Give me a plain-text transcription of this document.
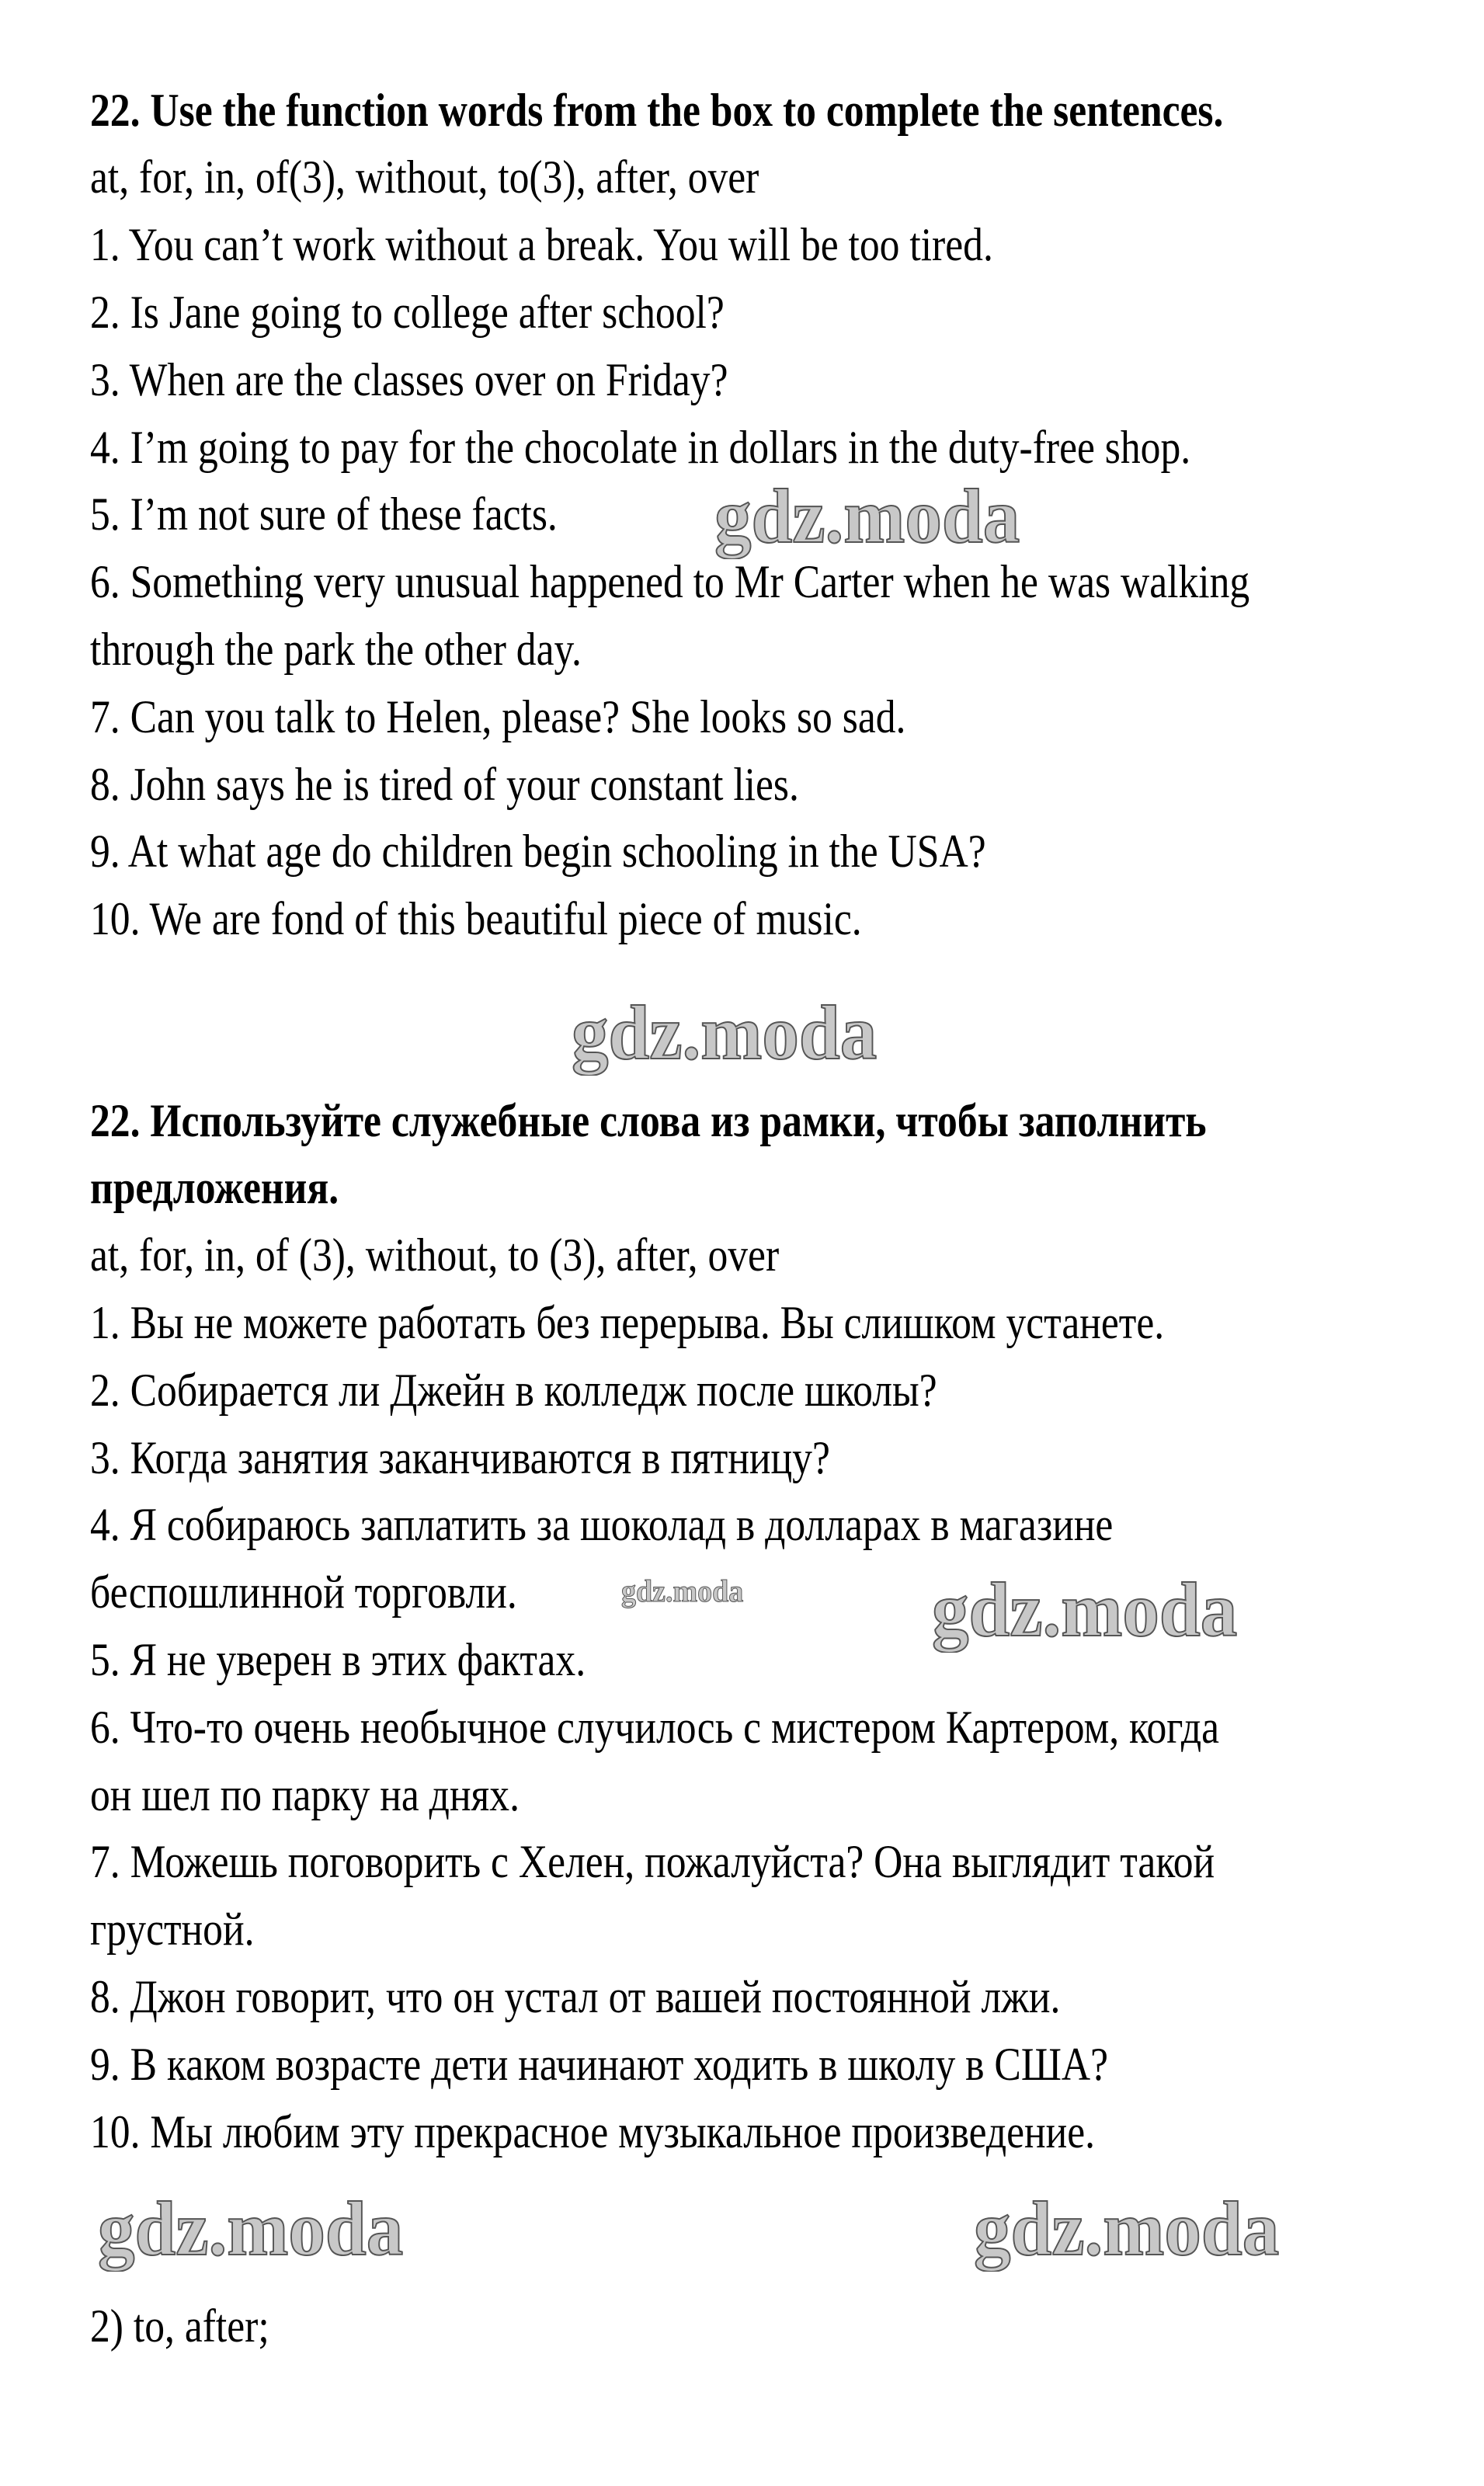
22. Use the function words from the box to complete the sentences.
at, for, in, of(3), without, to(3), after, over
1. You can’t work without a break. You will be too tired.
2. Is Jane going to college after school?
3. When are the classes over on Friday?
4. I’m going to pay for the chocolate in dollars in the duty-free shop.
5. I’m not sure of these facts.
6. Something very unusual happened to Mr Carter when he was walking
through the park the other day.
7. Can you talk to Helen, please? She looks so sad.
8. John says he is tired of your constant lies.
9. At what age do children begin schooling in the USA?
10. We are fond of this beautiful piece of music.
22. Используйте служебные слова из рамки, чтобы заполнить
предложения.
at, for, in, of (3), without, to (3), after, over
1. Вы не можете работать без перерыва. Вы слишком устанете.
2. Собирается ли Джейн в колледж после школы?
3. Когда занятия заканчиваются в пятницу?
4. Я собираюсь заплатить за шоколад в долларах в магазине
беспошлинной торговли.
5. Я не уверен в этих фактах.
6. Что-то очень необычное случилось с мистером Картером, когда
он шел по парку на днях.
7. Можешь поговорить с Хелен, пожалуйста? Она выглядит такой
грустной.
8. Джон говорит, что он устал от вашей постоянной лжи.
9. В каком возрасте дети начинают ходить в школу в США?
10. Мы любим эту прекрасное музыкальное произведение.
2) to, after;
gdz.moda
gdz.moda
gdz.moda
gdz.moda
gdz.moda	gdz.moda
